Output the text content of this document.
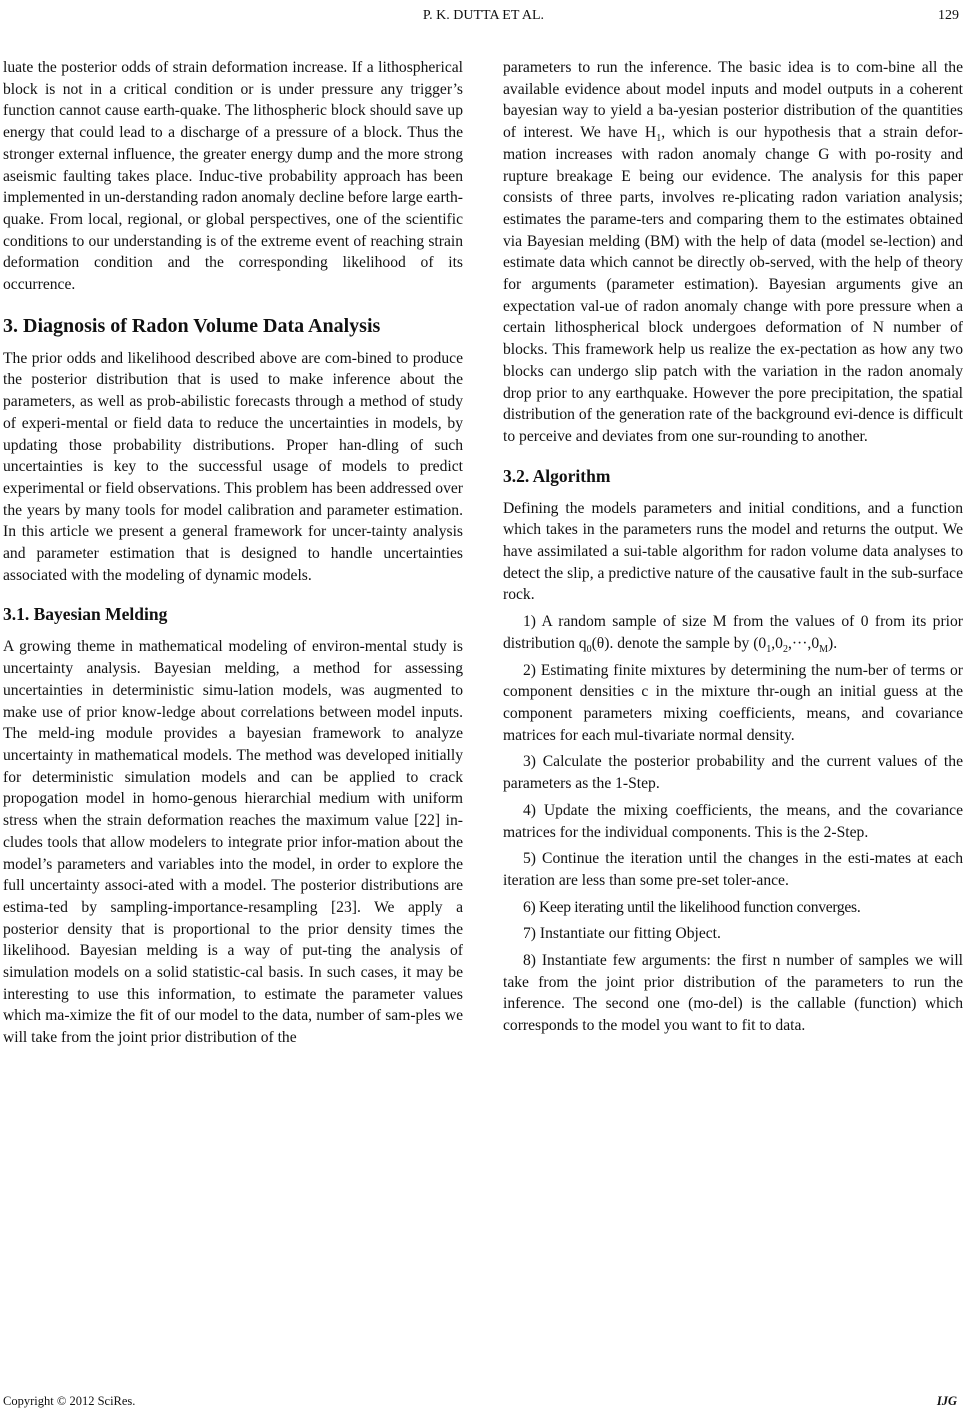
P. K. DUTTA ET AL.	129

luate the posterior odds of strain deformation increase. If a lithospherical block is not in a critical condition or is under pressure any trigger’s function cannot cause earth-quake. The lithospheric block should save up energy that could lead to a discharge of a pressure of a block. Thus the stronger external influence, the greater energy dump and the more strong aseismic faulting takes place. Induc-tive probability approach has been implemented in un-derstanding radon anomaly decline before large earth-quake. From local, regional, or global perspectives, one of the scientific conditions to our understanding is of the extreme event of reaching strain deformation condition and the corresponding likelihood of its occurrence.

3. Diagnosis of Radon Volume Data Analysis

The prior odds and likelihood described above are com-bined to produce the posterior distribution that is used to make inference about the parameters, as well as prob-abilistic forecasts through a method of study of experi-mental or field data to reduce the uncertainties in models, by updating those probability distributions. Proper han-dling of such uncertainties is key to the successful usage of models to predict experimental or field observations. This problem has been addressed over the years by many tools for model calibration and parameter estimation. In this article we present a general framework for uncer-tainty analysis and parameter estimation that is designed to handle uncertainties associated with the modeling of dynamic models.

3.1. Bayesian Melding

A growing theme in mathematical modeling of environ-mental study is uncertainty analysis. Bayesian melding, a method for assessing uncertainties in deterministic simu-lation models, was augmented to make use of prior know-ledge about correlations between model inputs. The meld-ing module provides a bayesian framework to analyze uncertainty in mathematical models. The method was developed initially for deterministic simulation models and can be applied to crack propogation model in homo-genous hierarchial medium with uniform stress when the strain deformation reaches the maximum value [22] in-cludes tools that allow modelers to integrate prior infor-mation about the model’s parameters and variables into the model, in order to explore the full uncertainty associ-ated with a model. The posterior distributions are estima-ted by sampling-importance-resampling [23]. We apply a posterior density that is proportional to the prior density times the likelihood. Bayesian melding is a way of put-ting the analysis of simulation models on a solid statistic-cal basis. In such cases, it may be interesting to use this information, to estimate the parameter values which ma-ximize the fit of our model to the data, number of sam-ples we will take from the joint prior distribution of the

parameters to run the inference. The basic idea is to com-bine all the available evidence about model inputs and model outputs in a coherent bayesian way to yield a ba-yesian posterior distribution of the quantities of interest. We have $H_1$, which is our hypothesis that a strain defor-mation increases with radon anomaly change G with po-rosity and rupture breakage E being our evidence. The analysis for this paper consists of three parts, involves re-plicating radon variation analysis; estimates the parame-ters and comparing them to the estimates obtained via Bayesian melding (BM) with the help of data (model se-lection) and estimate data which cannot be directly ob-served, with the help of theory for arguments (parameter estimation). Bayesian arguments give an expectation val-ue of radon anomaly change with pore pressure when a certain lithospherical block undergoes deformation of N number of blocks. This framework help us realize the ex-pectation as how any two blocks can undergo slip patch with the variation in the radon anomaly drop prior to any earthquake. However the pore precipitation, the spatial distribution of the generation rate of the background evi-dence is difficult to perceive and deviates from one sur-rounding to another.

3.2. Algorithm

Defining the models parameters and initial conditions, and a function which takes in the parameters runs the model and returns the output. We have assimilated a sui-table algorithm for radon volume data analyses to detect the slip, a predictive nature of the causative fault in the sub-surface rock.

1) A random sample of size M from the values of 0 from its prior distribution $q_0(\theta)$. denote the sample by $(0_1,0_2,\cdot\cdot\cdot,0_M)$.

2) Estimating finite mixtures by determining the num-ber of terms or component densities c in the mixture thr-ough an initial guess at the component parameters mixing coefficients, means, and covariance matrices for each mul-tivariate normal density.

3) Calculate the posterior probability and the current values of the parameters as the 1-Step.

4) Update the mixing coefficients, the means, and the covariance matrices for the individual components. This is the 2-Step.

5) Continue the iteration until the changes in the esti-mates at each iteration are less than some pre-set toler-ance.

6) Keep iterating until the likelihood function converges.

7) Instantiate our fitting Object.

8) Instantiate few arguments: the first n number of samples we will take from the joint prior distribution of the parameters to run the inference. The second one (mo-del) is the callable (function) which corresponds to the model you want to fit to data.

Copyright © 2012 SciRes.	IJG
